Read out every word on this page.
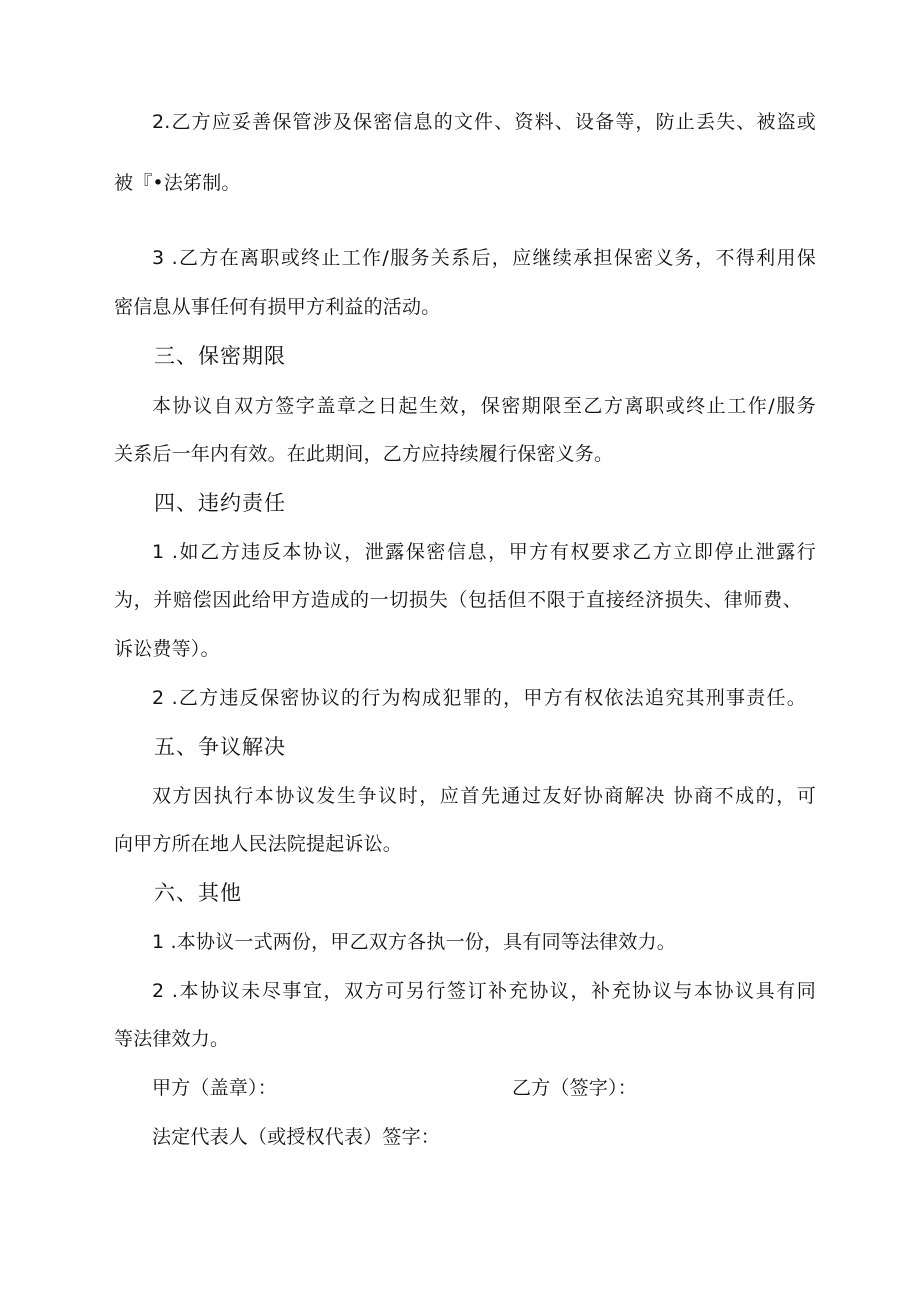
2.乙方应妥善保管涉及保密信息的文件、资料、设备等，防止丢失、被盗或
被『•法笫制。
3 .乙方在离职或终止工作/服务关系后，应继续承担保密义务，不得利用保
密信息从事任何有损甲方利益的活动。
三、保密期限
本协议自双方签字盖章之日起生效，保密期限至乙方离职或终止工作/服务
关系后一年内有效。在此期间，乙方应持续履行保密义务。
四、违约责任
1 .如乙方违反本协议，泄露保密信息，甲方有权要求乙方立即停止泄露行
为，并赔偿因此给甲方造成的一切损失（包括但不限于直接经济损失、律师费、
诉讼费等）。
2 .乙方违反保密协议的行为构成犯罪的，甲方有权依法追究其刑事责任。
五、争议解决
双方因执行本协议发生争议时，应首先通过友好协商解决 协商不成的，可
向甲方所在地人民法院提起诉讼。
六、其他
1 .本协议一式两份，甲乙双方各执一份，具有同等法律效力。
2 .本协议未尽事宜，双方可另行签订补充协议，补充协议与本协议具有同
等法律效力。
甲方（盖章）：	乙方（签字）：
法定代表人（或授权代表）签字：
